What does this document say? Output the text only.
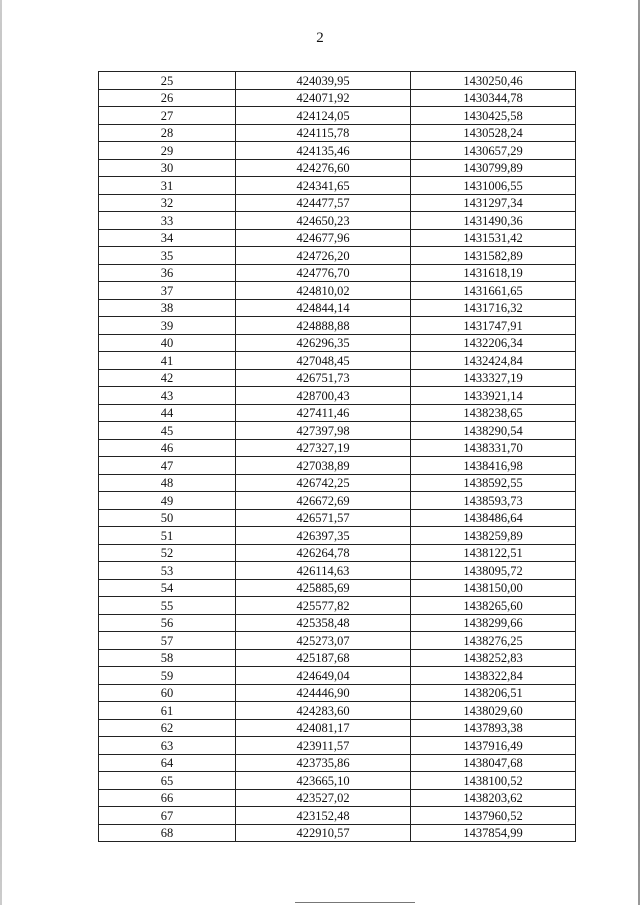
2
25	424039,95	1430250,46
26	424071,92	1430344,78
27	424124,05	1430425,58
28	424115,78	1430528,24
29	424135,46	1430657,29
30	424276,60	1430799,89
31	424341,65	1431006,55
32	424477,57	1431297,34
33	424650,23	1431490,36
34	424677,96	1431531,42
35	424726,20	1431582,89
36	424776,70	1431618,19
37	424810,02	1431661,65
38	424844,14	1431716,32
39	424888,88	1431747,91
40	426296,35	1432206,34
41	427048,45	1432424,84
42	426751,73	1433327,19
43	428700,43	1433921,14
44	427411,46	1438238,65
45	427397,98	1438290,54
46	427327,19	1438331,70
47	427038,89	1438416,98
48	426742,25	1438592,55
49	426672,69	1438593,73
50	426571,57	1438486,64
51	426397,35	1438259,89
52	426264,78	1438122,51
53	426114,63	1438095,72
54	425885,69	1438150,00
55	425577,82	1438265,60
56	425358,48	1438299,66
57	425273,07	1438276,25
58	425187,68	1438252,83
59	424649,04	1438322,84
60	424446,90	1438206,51
61	424283,60	1438029,60
62	424081,17	1437893,38
63	423911,57	1437916,49
64	423735,86	1438047,68
65	423665,10	1438100,52
66	423527,02	1438203,62
67	423152,48	1437960,52
68	422910,57	1437854,99
